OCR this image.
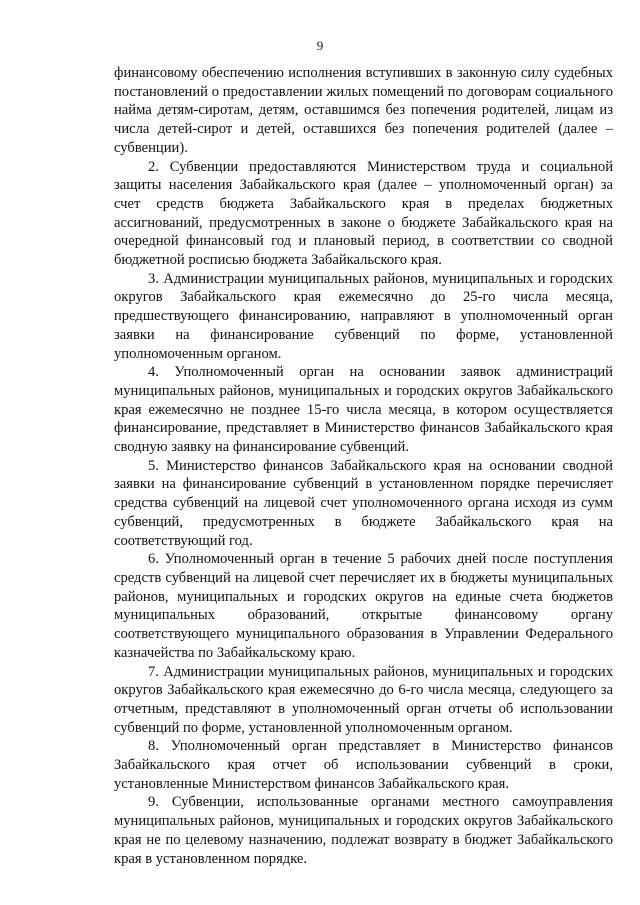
9

финансовому обеспечению исполнения вступивших в законную силу судебных постановлений о предоставлении жилых помещений по договорам социального найма детям-сиротам, детям, оставшимся без попечения родителей, лицам из числа детей-сирот и детей, оставшихся без попечения родителей (далее – субвенции).

2. Субвенции предоставляются Министерством труда и социальной защиты населения Забайкальского края (далее – уполномоченный орган) за счет средств бюджета Забайкальского края в пределах бюджетных ассигнований, предусмотренных в законе о бюджете Забайкальского края на очередной финансовый год и плановый период, в соответствии со сводной бюджетной росписью бюджета Забайкальского края.

3. Администрации муниципальных районов, муниципальных и городских округов Забайкальского края ежемесячно до 25-го числа месяца, предшествующего финансированию, направляют в уполномоченный орган заявки на финансирование субвенций по форме, установленной уполномоченным органом.

4. Уполномоченный орган на основании заявок администраций муниципальных районов, муниципальных и городских округов Забайкальского края ежемесячно не позднее 15-го числа месяца, в котором осуществляется финансирование, представляет в Министерство финансов Забайкальского края сводную заявку на финансирование субвенций.

5. Министерство финансов Забайкальского края на основании сводной заявки на финансирование субвенций в установленном порядке перечисляет средства субвенций на лицевой счет уполномоченного органа исходя из сумм субвенций, предусмотренных в бюджете Забайкальского края на соответствующий год.

6. Уполномоченный орган в течение 5 рабочих дней после поступления средств субвенций на лицевой счет перечисляет их в бюджеты муниципальных районов, муниципальных и городских округов на единые счета бюджетов муниципальных образований, открытые финансовому органу соответствующего муниципального образования в Управлении Федерального казначейства по Забайкальскому краю.

7. Администрации муниципальных районов, муниципальных и городских округов Забайкальского края ежемесячно до 6-го числа месяца, следующего за отчетным, представляют в уполномоченный орган отчеты об использовании субвенций по форме, установленной уполномоченным органом.

8. Уполномоченный орган представляет в Министерство финансов Забайкальского края отчет об использовании субвенций в сроки, установленные Министерством финансов Забайкальского края.

9. Субвенции, использованные органами местного самоуправления муниципальных районов, муниципальных и городских округов Забайкальского края не по целевому назначению, подлежат возврату в бюджет Забайкальского края в установленном порядке.
